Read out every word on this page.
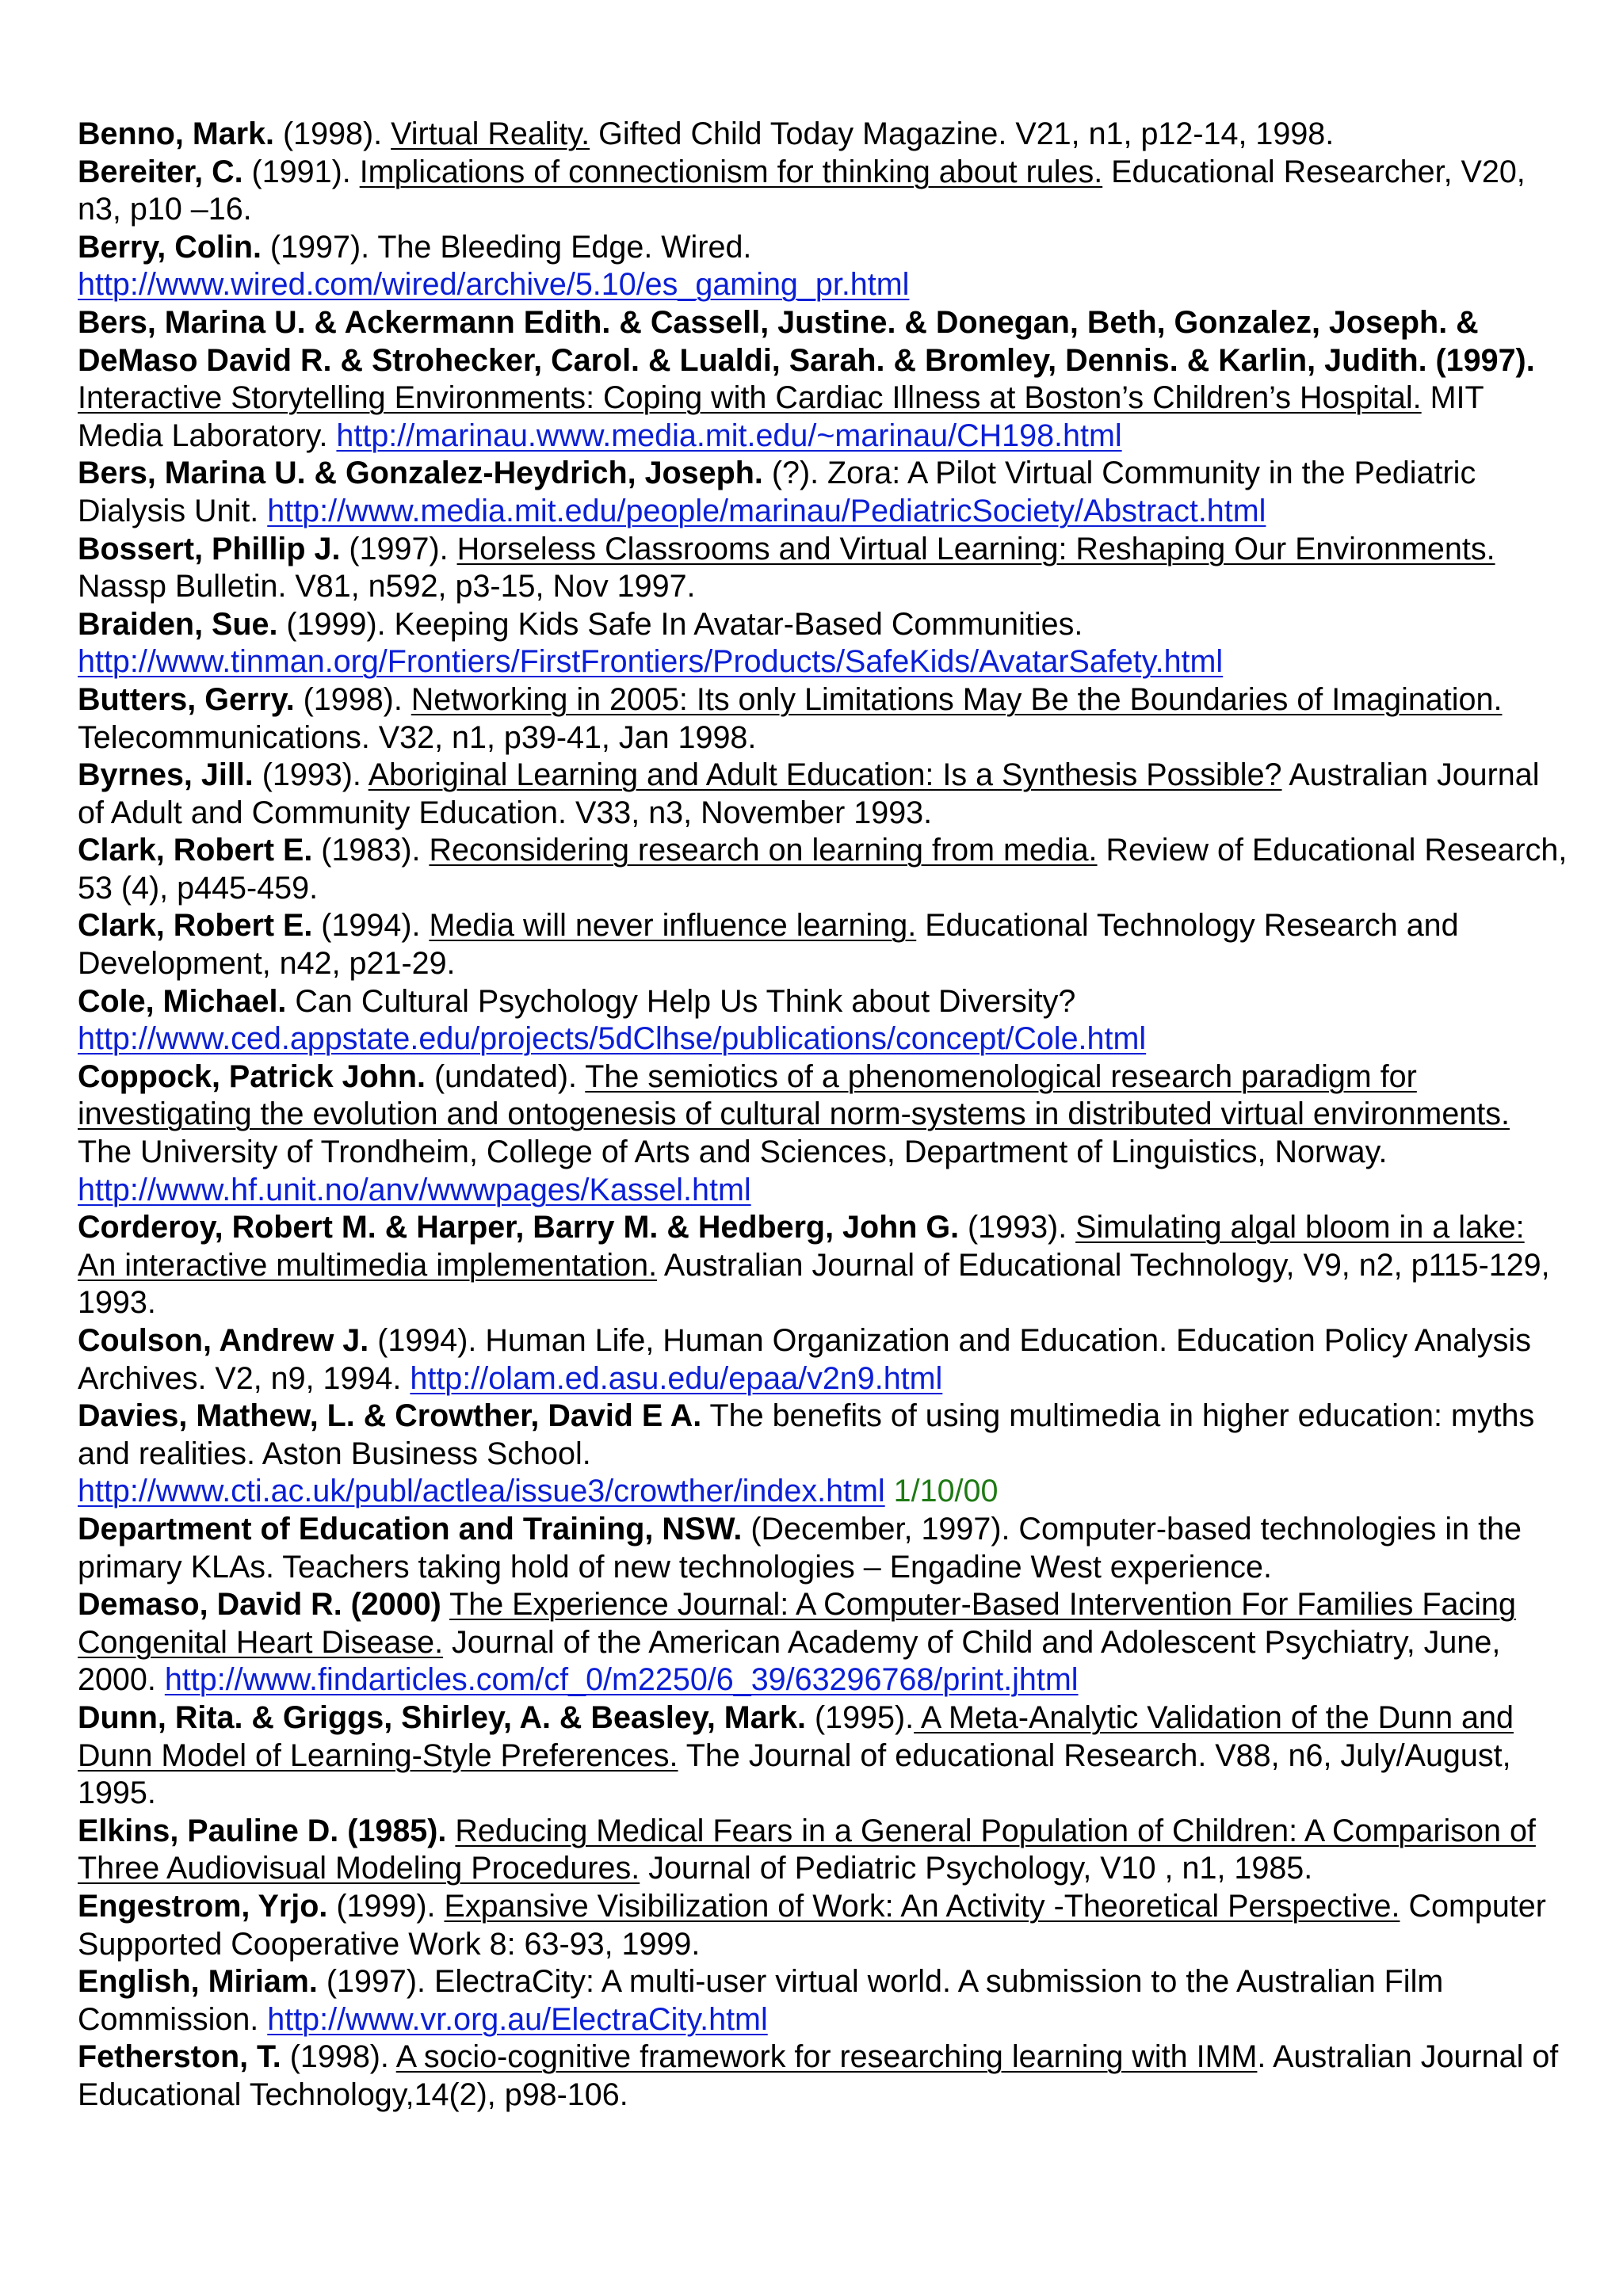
Benno, Mark. (1998). Virtual Reality. Gifted Child Today Magazine. V21, n1, p12-14, 1998.

Bereiter, C. (1991). Implications of connectionism for thinking about rules. Educational Researcher, V20, n3, p10 –16.

Berry, Colin. (1997). The Bleeding Edge. Wired.
http://www.wired.com/wired/archive/5.10/es_gaming_pr.html

Bers, Marina U. & Ackermann Edith. & Cassell, Justine. & Donegan, Beth, Gonzalez, Joseph. & DeMaso David R. & Strohecker, Carol. & Lualdi, Sarah. & Bromley, Dennis. & Karlin, Judith. (1997). Interactive Storytelling Environments: Coping with Cardiac Illness at Boston’s Children’s Hospital. MIT Media Laboratory. http://marinau.www.media.mit.edu/~marinau/CH198.html

Bers, Marina U. & Gonzalez-Heydrich, Joseph. (?). Zora: A Pilot Virtual Community in the Pediatric Dialysis Unit. http://www.media.mit.edu/people/marinau/PediatricSociety/Abstract.html

Bossert, Phillip J. (1997). Horseless Classrooms and Virtual Learning: Reshaping Our Environments. Nassp Bulletin. V81, n592, p3-15, Nov 1997.

Braiden, Sue. (1999). Keeping Kids Safe In Avatar-Based Communities.
http://www.tinman.org/Frontiers/FirstFrontiers/Products/SafeKids/AvatarSafety.html

Butters, Gerry. (1998). Networking in 2005: Its only Limitations May Be the Boundaries of Imagination. Telecommunications. V32, n1, p39-41, Jan 1998.

Byrnes, Jill. (1993). Aboriginal Learning and Adult Education: Is a Synthesis Possible? Australian Journal of Adult and Community Education. V33, n3, November 1993.

Clark, Robert E. (1983). Reconsidering research on learning from media. Review of Educational Research, 53 (4), p445-459.

Clark, Robert E. (1994). Media will never influence learning. Educational Technology Research and Development, n42, p21-29.

Cole, Michael. Can Cultural Psychology Help Us Think about Diversity?
http://www.ced.appstate.edu/projects/5dClhse/publications/concept/Cole.html

Coppock, Patrick John. (undated). The semiotics of a phenomenological research paradigm for investigating the evolution and ontogenesis of cultural norm-systems in distributed virtual environments. The University of Trondheim, College of Arts and Sciences, Department of Linguistics, Norway. http://www.hf.unit.no/anv/wwwpages/Kassel.html

Corderoy, Robert M. & Harper, Barry M. & Hedberg, John G. (1993). Simulating algal bloom in a lake: An interactive multimedia implementation. Australian Journal of Educational Technology, V9, n2, p115-129, 1993.

Coulson, Andrew J. (1994). Human Life, Human Organization and Education. Education Policy Analysis Archives. V2, n9, 1994. http://olam.ed.asu.edu/epaa/v2n9.html

Davies, Mathew, L. & Crowther, David E A. The benefits of using multimedia in higher education: myths and realities. Aston Business School.
http://www.cti.ac.uk/publ/actlea/issue3/crowther/index.html 1/10/00

Department of Education and Training, NSW. (December, 1997). Computer-based technologies in the primary KLAs. Teachers taking hold of new technologies – Engadine West experience.

Demaso, David R. (2000) The Experience Journal: A Computer-Based Intervention For Families Facing Congenital Heart Disease. Journal of the American Academy of Child and Adolescent Psychiatry, June, 2000. http://www.findarticles.com/cf_0/m2250/6_39/63296768/print.jhtml

Dunn, Rita. & Griggs, Shirley, A. & Beasley, Mark. (1995). A Meta-Analytic Validation of the Dunn and Dunn Model of Learning-Style Preferences. The Journal of educational Research. V88, n6, July/August, 1995.

Elkins, Pauline D. (1985). Reducing Medical Fears in a General Population of Children: A Comparison of Three Audiovisual Modeling Procedures. Journal of Pediatric Psychology, V10 , n1, 1985.

Engestrom, Yrjo. (1999). Expansive Visibilization of Work: An Activity -Theoretical Perspective. Computer Supported Cooperative Work 8: 63-93, 1999.

English, Miriam. (1997). ElectraCity: A multi-user virtual world. A submission to the Australian Film Commission. http://www.vr.org.au/ElectraCity.html

Fetherston, T. (1998). A socio-cognitive framework for researching learning with IMM. Australian Journal of Educational Technology,14(2), p98-106.
